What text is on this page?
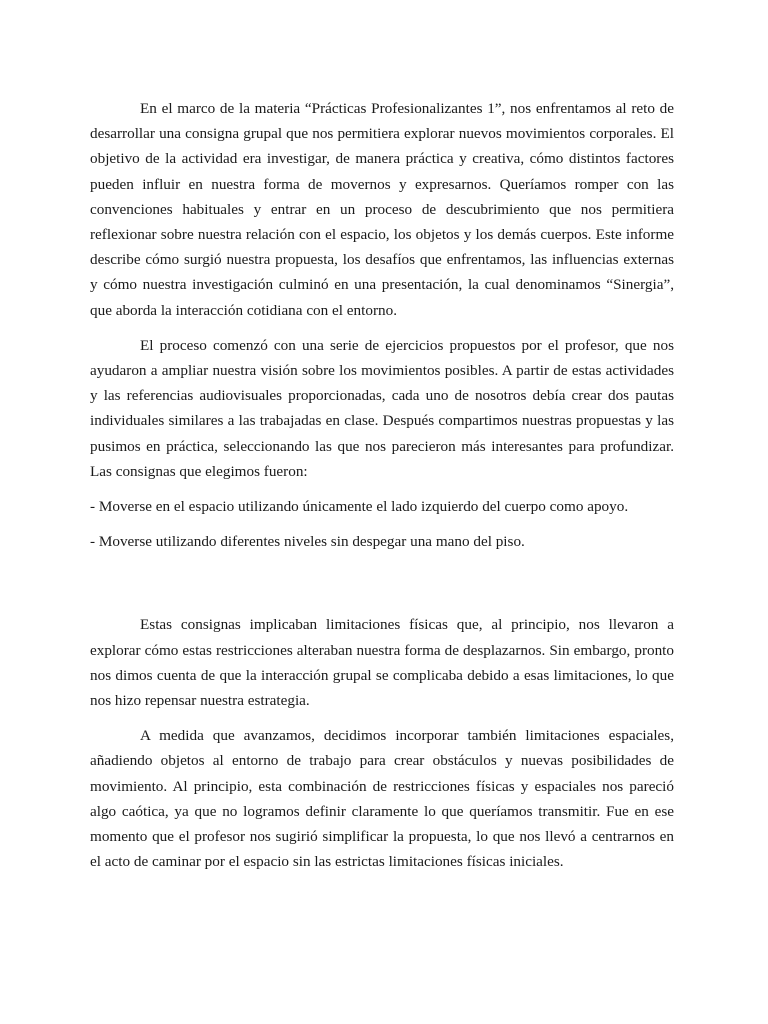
En el marco de la materia “Prácticas Profesionalizantes 1”, nos enfrentamos al reto de desarrollar una consigna grupal que nos permitiera explorar nuevos movimientos corporales. El objetivo de la actividad era investigar, de manera práctica y creativa, cómo distintos factores pueden influir en nuestra forma de movernos y expresarnos. Queríamos romper con las convenciones habituales y entrar en un proceso de descubrimiento que nos permitiera reflexionar sobre nuestra relación con el espacio, los objetos y los demás cuerpos. Este informe describe cómo surgió nuestra propuesta, los desafíos que enfrentamos, las influencias externas y cómo nuestra investigación culminó en una presentación, la cual denominamos “Sinergia”, que aborda la interacción cotidiana con el entorno.

El proceso comenzó con una serie de ejercicios propuestos por el profesor, que nos ayudaron a ampliar nuestra visión sobre los movimientos posibles. A partir de estas actividades y las referencias audiovisuales proporcionadas, cada uno de nosotros debía crear dos pautas individuales similares a las trabajadas en clase. Después compartimos nuestras propuestas y las pusimos en práctica, seleccionando las que nos parecieron más interesantes para profundizar. Las consignas que elegimos fueron:

- Moverse en el espacio utilizando únicamente el lado izquierdo del cuerpo como apoyo.

- Moverse utilizando diferentes niveles sin despegar una mano del piso.

Estas consignas implicaban limitaciones físicas que, al principio, nos llevaron a explorar cómo estas restricciones alteraban nuestra forma de desplazarnos. Sin embargo, pronto nos dimos cuenta de que la interacción grupal se complicaba debido a esas limitaciones, lo que nos hizo repensar nuestra estrategia.

A medida que avanzamos, decidimos incorporar también limitaciones espaciales, añadiendo objetos al entorno de trabajo para crear obstáculos y nuevas posibilidades de movimiento. Al principio, esta combinación de restricciones físicas y espaciales nos pareció algo caótica, ya que no logramos definir claramente lo que queríamos transmitir. Fue en ese momento que el profesor nos sugirió simplificar la propuesta, lo que nos llevó a centrarnos en el acto de caminar por el espacio sin las estrictas limitaciones físicas iniciales.
